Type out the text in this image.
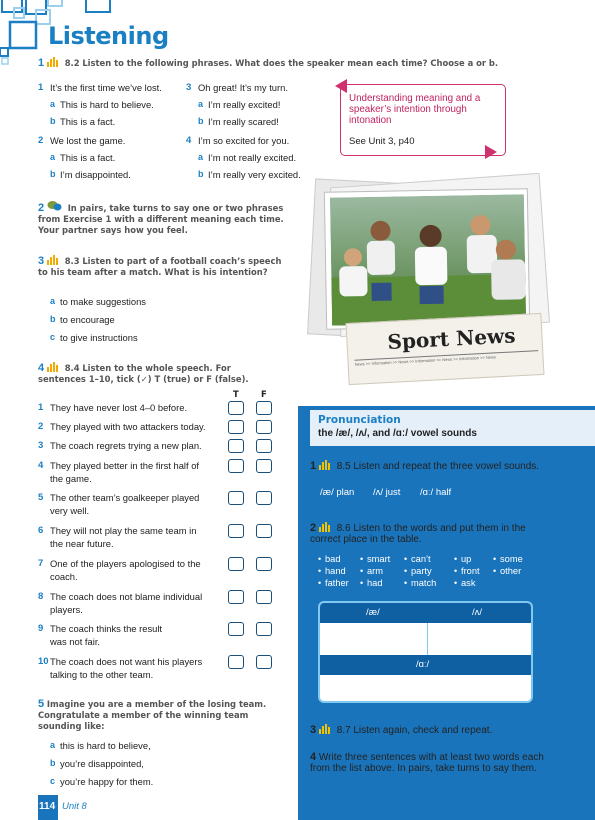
Listening
1 8.2 Listen to the following phrases. What does the speaker mean each time? Choose a or b.
1 It’s the first time we’ve lost.
a This is hard to believe.
b This is a fact.
2 We lost the game.
a This is a fact.
b I’m disappointed.
3 Oh great! It’s my turn.
a I’m really excited!
b I’m really scared!
4 I’m so excited for you.
a I’m not really excited.
b I’m really very excited.
Understanding meaning and a speaker’s intention through intonation
See Unit 3, p40
Sport News
News >> Information >> News >> Information >> News >> Information >> News
2	In pairs, take turns to say one or two phrases from Exercise 1 with a different meaning each time. Your partner says how you feel.
3 8.3 Listen to part of a football coach’s speech to his team after a match. What is his intention?
a to make suggestions
b to encourage
c to give instructions
4 8.4 Listen to the whole speech. For sentences 1–10, tick (✓) T (true) or F (false).
T	F
1 They have never lost 4–0 before.
2 They played with two attackers today.
3 The coach regrets trying a new plan.
4 They played better in the first half of
the game.
5 The other team’s goalkeeper played
very well.
6 They will not play the same team in
the near future.
7 One of the players apologised to the
coach.
8 The coach does not blame individual
players.
9 The coach thinks the result
was not fair.
10 The coach does not want his players
talking to the other team.
5 Imagine you are a member of the losing team. Congratulate a member of the winning team sounding like:
a this is hard to believe,
b you’re disappointed,
c you’re happy for them.
114 Unit 8
Pronunciation
the /æ/, /ʌ/, and /ɑː/ vowel sounds
1 8.5 Listen and repeat the three vowel sounds.
/æ/ plan /ʌ/ just /ɑː/ half
2 8.6 Listen to the words and put them in the correct place in the table.
bad
•	smart
•	can’t
•	up
•	some
•
hand
•	arm
•	party
•	front
•	other
•
father
•	had
•	match
•	ask
•
/æ/	/ʌ/
/ɑː/
3 8.7 Listen again, check and repeat.
4 Write three sentences with at least two words each from the list above. In pairs, take turns to say them.
